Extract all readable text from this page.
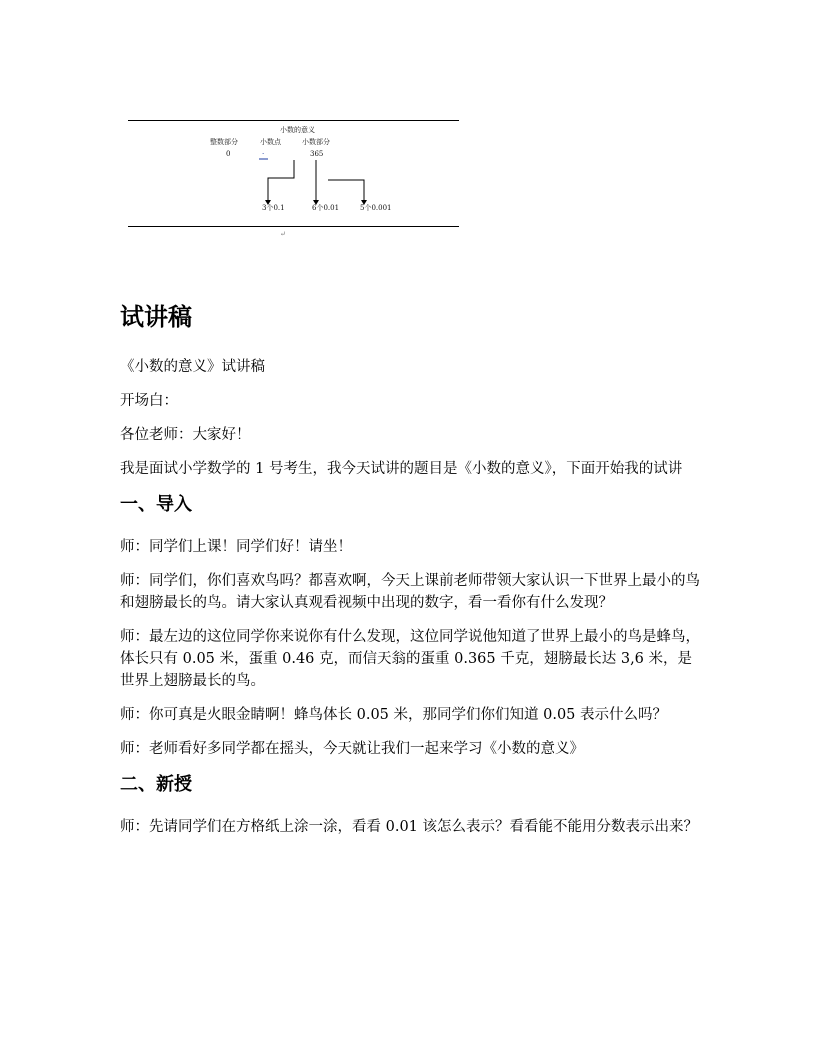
小数的意义
整数部分	小数点	小数部分
0	.	365
3个0.1	6个0.01	5个0.001
↵
试讲稿

《小数的意义》试讲稿

开场白：

各位老师：大家好！

我是面试小学数学的 1 号考生，我今天试讲的题目是《小数的意义》，下面开始我的试讲

一、导入

师：同学们上课！同学们好！请坐！

师：同学们，你们喜欢鸟吗？都喜欢啊，今天上课前老师带领大家认识一下世界上最小的鸟和翅膀最长的鸟。请大家认真观看视频中出现的数字，看一看你有什么发现？

师：最左边的这位同学你来说你有什么发现，这位同学说他知道了世界上最小的鸟是蜂鸟，体长只有 0.05 米，蛋重 0.46 克，而信天翁的蛋重 0.365 千克，翅膀最长达 3,6 米，是世界上翅膀最长的鸟。

师：你可真是火眼金睛啊！蜂鸟体长 0.05 米，那同学们你们知道 0.05 表示什么吗？

师：老师看好多同学都在摇头，今天就让我们一起来学习《小数的意义》

二、新授

师：先请同学们在方格纸上涂一涂，看看 0.01 该怎么表示？看看能不能用分数表示出来？
